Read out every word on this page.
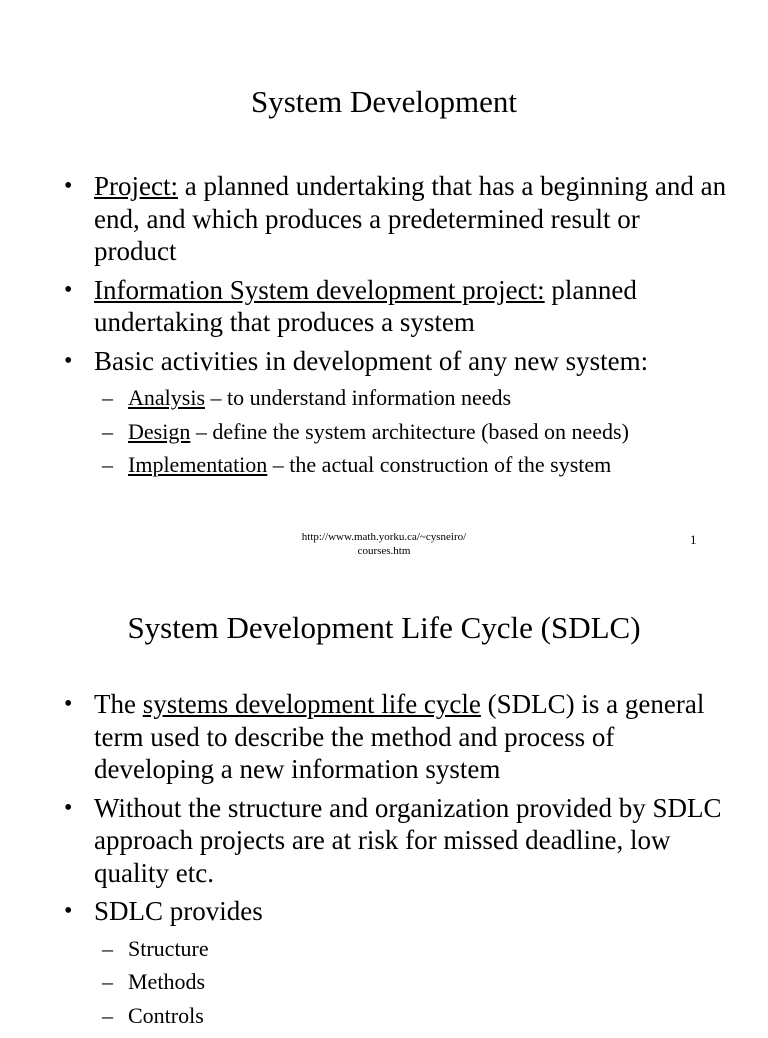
System Development
• Project: a planned undertaking that has a beginning and an end, and which produces a predetermined result or product
• Information System development project: planned undertaking that produces a system
• Basic activities in development of any new system:
– Analysis – to understand information needs
– Design – define the system architecture (based on needs)
– Implementation – the actual construction of the system
http://www.math.yorku.ca/~cysneiro/
courses.htm
1
System Development Life Cycle (SDLC)
• The systems development life cycle (SDLC) is a general term used to describe the method and process of developing a new information system
• Without the structure and organization provided by SDLC approach projects are at risk for missed deadline, low quality etc.
• SDLC provides
– Structure
– Methods
– Controls
